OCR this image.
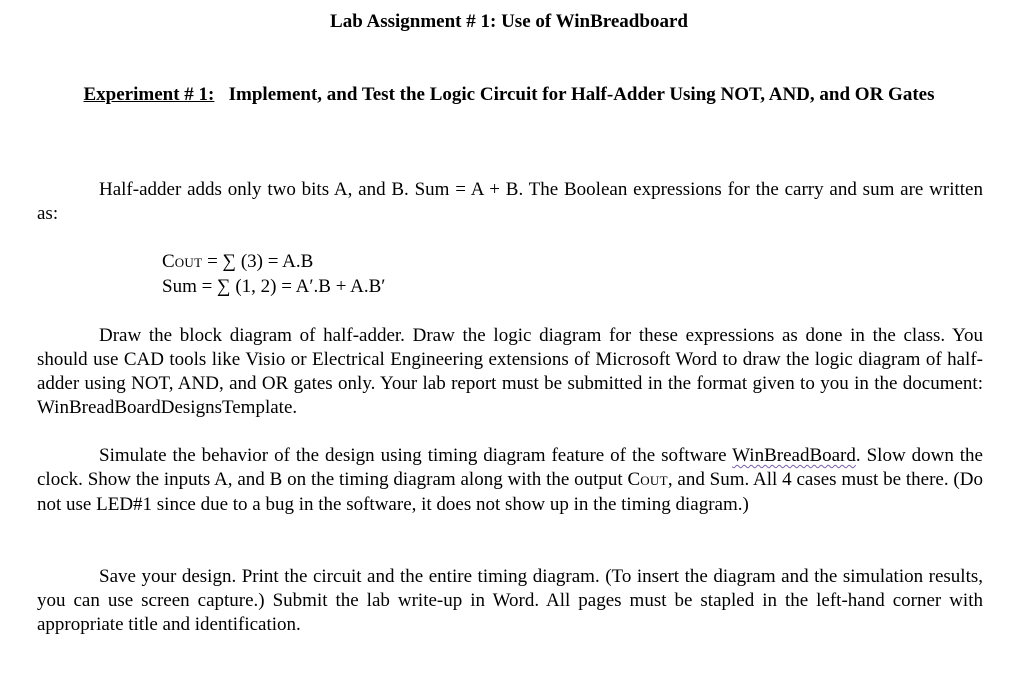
Lab Assignment # 1: Use of WinBreadboard
Experiment # 1: Implement, and Test the Logic Circuit for Half-Adder Using NOT, AND, and OR Gates
Half-adder adds only two bits A, and B. Sum = A + B. The Boolean expressions for the carry and sum are written as:
COUT = ∑ (3) = A.B
Sum = ∑ (1, 2) = A′.B + A.B′
Draw the block diagram of half-adder. Draw the logic diagram for these expressions as done in the class. You should use CAD tools like Visio or Electrical Engineering extensions of Microsoft Word to draw the logic diagram of half-adder using NOT, AND, and OR gates only. Your lab report must be submitted in the format given to you in the document: WinBreadBoardDesignsTemplate.
Simulate the behavior of the design using timing diagram feature of the software WinBreadBoard. Slow down the clock. Show the inputs A, and B on the timing diagram along with the output COUT, and Sum. All 4 cases must be there. (Do not use LED#1 since due to a bug in the software, it does not show up in the timing diagram.)
Save your design. Print the circuit and the entire timing diagram. (To insert the diagram and the simulation results, you can use screen capture.) Submit the lab write-up in Word. All pages must be stapled in the left-hand corner with appropriate title and identification.
